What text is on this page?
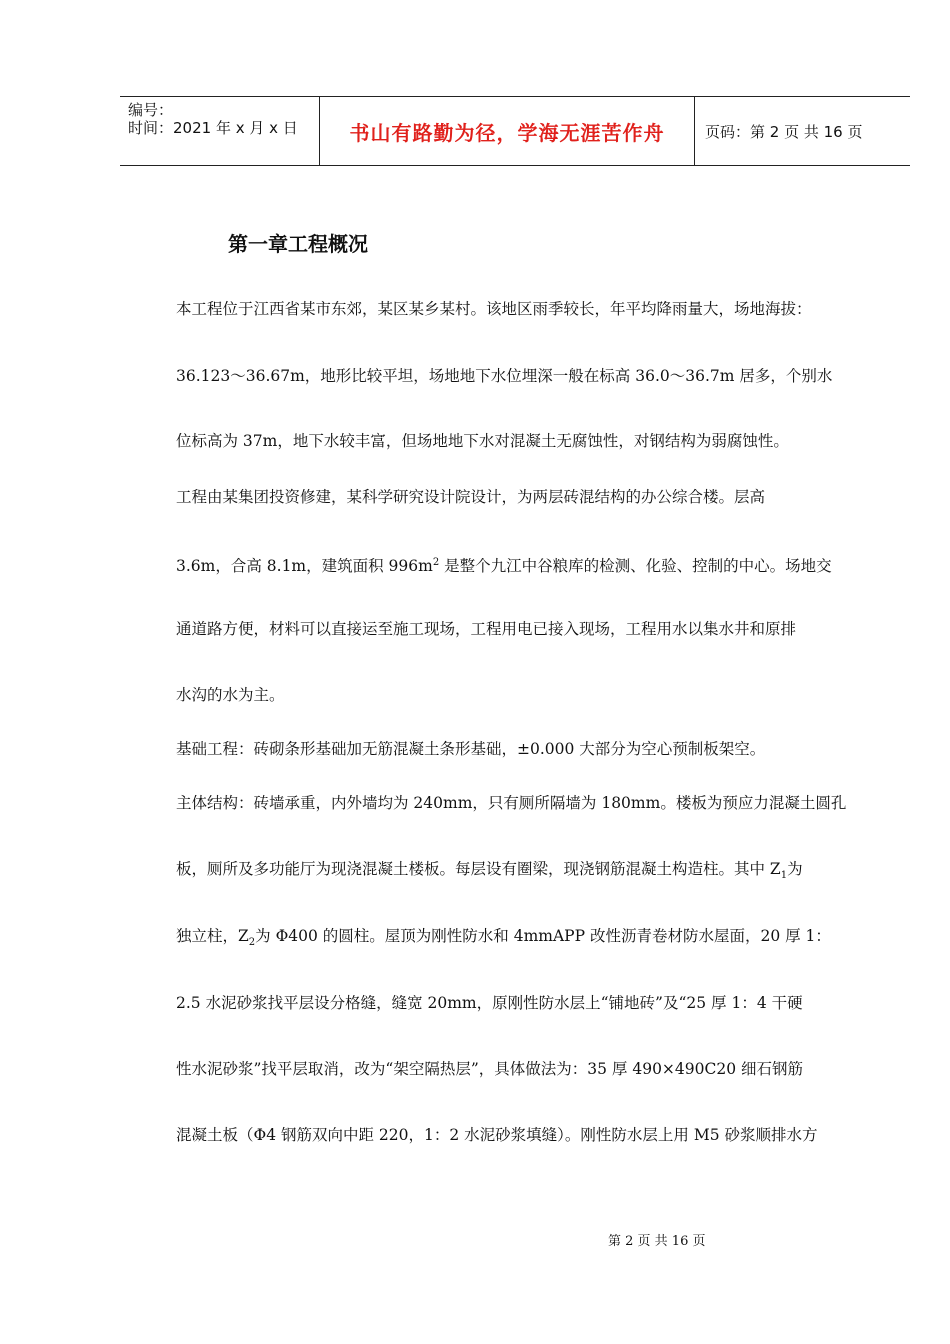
编号：
时间：2021 年 x 月 x 日	书山有路勤为径，学海无涯苦作舟	页码：第 2 页 共 16 页
第一章工程概况
本工程位于江西省某市东郊，某区某乡某村。该地区雨季较长，年平均降雨量大，场地海拔：
36.123～36.67m，地形比较平坦，场地地下水位埋深一般在标高 36.0～36.7m 居多，个别水
位标高为 37m，地下水较丰富，但场地地下水对混凝土无腐蚀性，对钢结构为弱腐蚀性。
工程由某集团投资修建，某科学研究设计院设计，为两层砖混结构的办公综合楼。层高
3.6m，合高 8.1m，建筑面积 $996m^2$ 是整个九江中谷粮库的检测、化验、控制的中心。场地交
通道路方便，材料可以直接运至施工现场，工程用电已接入现场，工程用水以集水井和原排
水沟的水为主。
基础工程：砖砌条形基础加无筋混凝土条形基础，±0.000 大部分为空心预制板架空。
主体结构：砖墙承重，内外墙均为 240mm，只有厕所隔墙为 180mm。楼板为预应力混凝土圆孔
板，厕所及多功能厅为现浇混凝土楼板。每层设有圈梁，现浇钢筋混凝土构造柱。其中 $Z_1$为
独立柱，$Z_2$为 Φ400 的圆柱。屋顶为刚性防水和 4mmAPP 改性沥青卷材防水屋面，20 厚 1：
2.5 水泥砂浆找平层设分格缝，缝宽 20mm，原刚性防水层上“铺地砖”及“25 厚 1：4 干硬
性水泥砂浆”找平层取消，改为“架空隔热层”，具体做法为：35 厚 490×490C20 细石钢筋
混凝土板（Φ4 钢筋双向中距 220，1：2 水泥砂浆填缝）。刚性防水层上用 M5 砂浆顺排水方
第 2 页 共 16 页
